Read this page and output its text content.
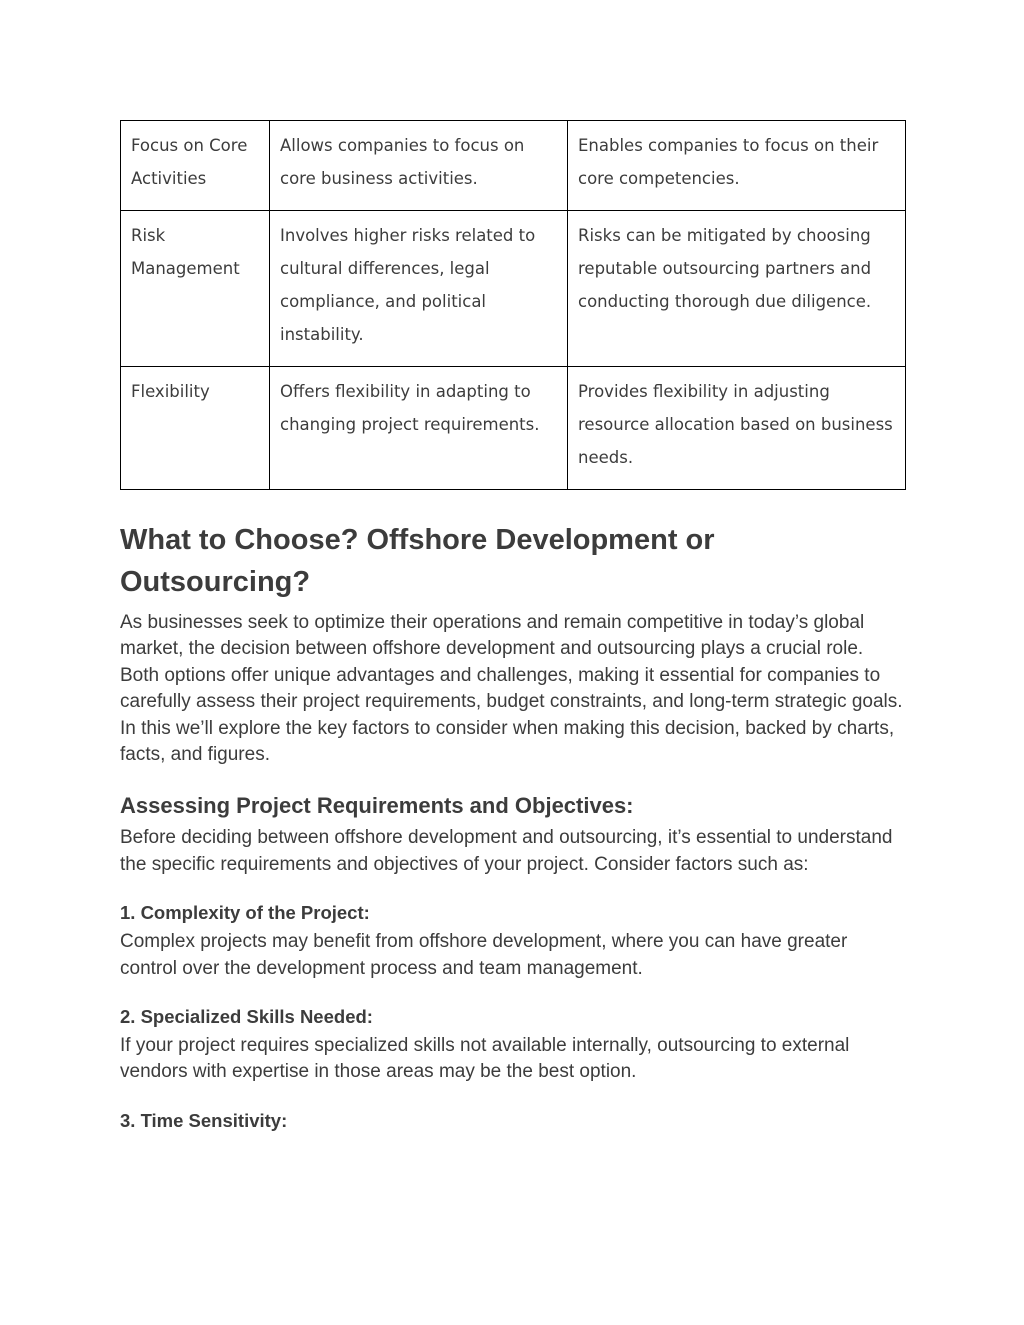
Focus on Core Activities	Allows companies to focus on core business activities.	Enables companies to focus on their core competencies.
Risk Management	Involves higher risks related to cultural differences, legal compliance, and political instability.	Risks can be mitigated by choosing reputable outsourcing partners and conducting thorough due diligence.
Flexibility	Offers flexibility in adapting to changing project requirements.	Provides flexibility in adjusting resource allocation based on business needs.
What to Choose? Offshore Development or Outsourcing?

As businesses seek to optimize their operations and remain competitive in today’s global market, the decision between offshore development and outsourcing plays a crucial role. Both options offer unique advantages and challenges, making it essential for companies to carefully assess their project requirements, budget constraints, and long-term strategic goals. In this we’ll explore the key factors to consider when making this decision, backed by charts, facts, and figures.

Assessing Project Requirements and Objectives:

Before deciding between offshore development and outsourcing, it’s essential to understand the specific requirements and objectives of your project. Consider factors such as:

1. Complexity of the Project:

Complex projects may benefit from offshore development, where you can have greater control over the development process and team management.

2. Specialized Skills Needed:

If your project requires specialized skills not available internally, outsourcing to external vendors with expertise in those areas may be the best option.

3. Time Sensitivity:
